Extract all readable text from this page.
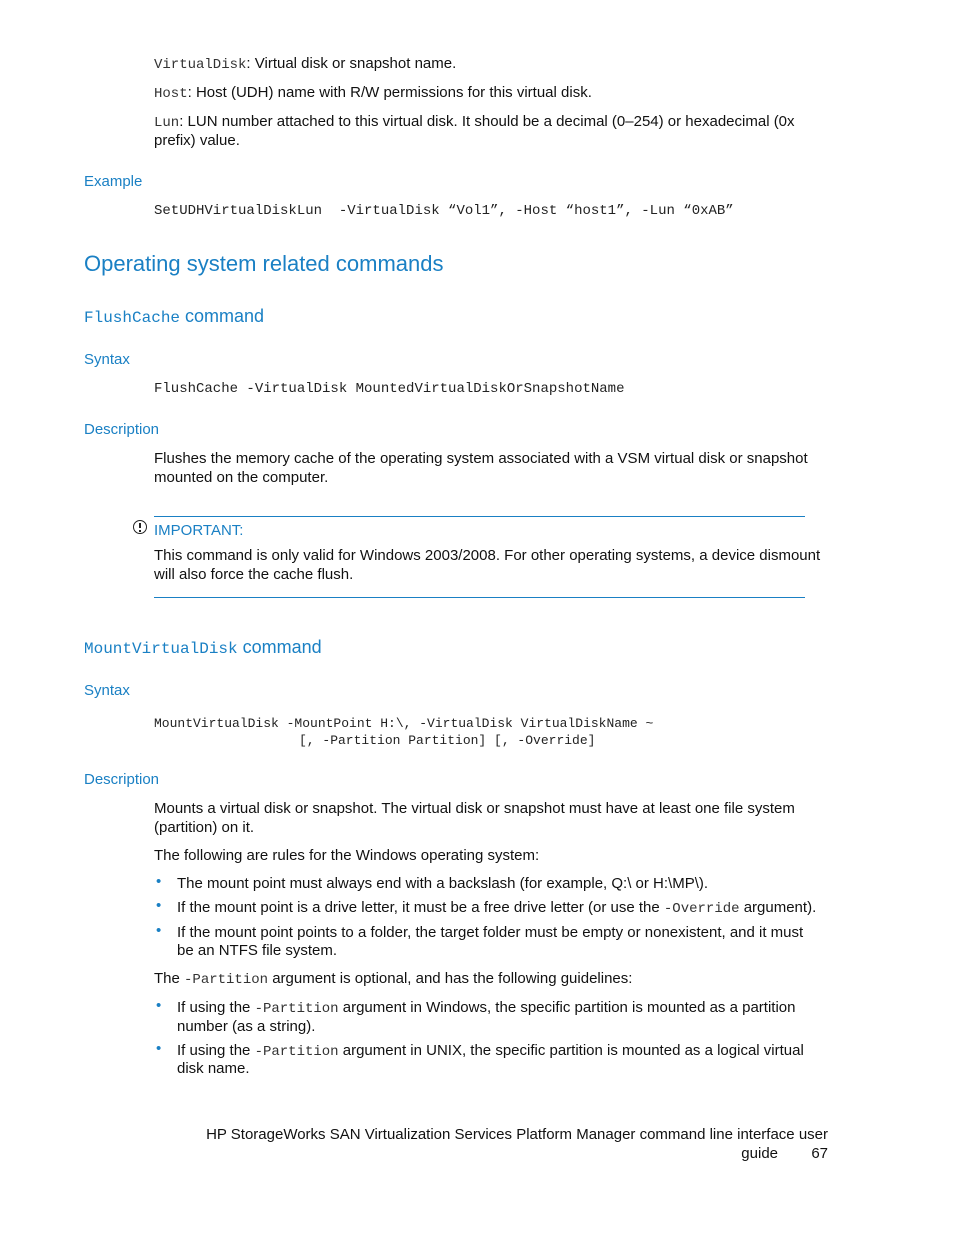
VirtualDisk: Virtual disk or snapshot name.
Host: Host (UDH) name with R/W permissions for this virtual disk.
Lun: LUN number attached to this virtual disk. It should be a decimal (0–254) or hexadecimal (0x
prefix) value.
Example
SetUDHVirtualDiskLun  -VirtualDisk “Vol1”, -Host “host1”, -Lun “0xAB”
Operating system related commands
FlushCache command
Syntax
FlushCache -VirtualDisk MountedVirtualDiskOrSnapshotName
Description
Flushes the memory cache of the operating system associated with a VSM virtual disk or snapshot
mounted on the computer.
IMPORTANT:
This command is only valid for Windows 2003/2008. For other operating systems, a device dismount
will also force the cache flush.
MountVirtualDisk command
Syntax
MountVirtualDisk -MountPoint H:\, -VirtualDisk VirtualDiskName ~
[, -Partition Partition] [, -Override]
Description
Mounts a virtual disk or snapshot. The virtual disk or snapshot must have at least one file system
(partition) on it.
The following are rules for the Windows operating system:
• The mount point must always end with a backslash (for example, Q:\ or H:\MP\).
• If the mount point is a drive letter, it must be a free drive letter (or use the -Override argument).
• If the mount point points to a folder, the target folder must be empty or nonexistent, and it must
be an NTFS file system.
The -Partition argument is optional, and has the following guidelines:
• If using the -Partition argument in Windows, the specific partition is mounted as a partition
number (as a string).
• If using the -Partition argument in UNIX, the specific partition is mounted as a logical virtual
disk name.
HP StorageWorks SAN Virtualization Services Platform Manager command line interface user
guide	67
